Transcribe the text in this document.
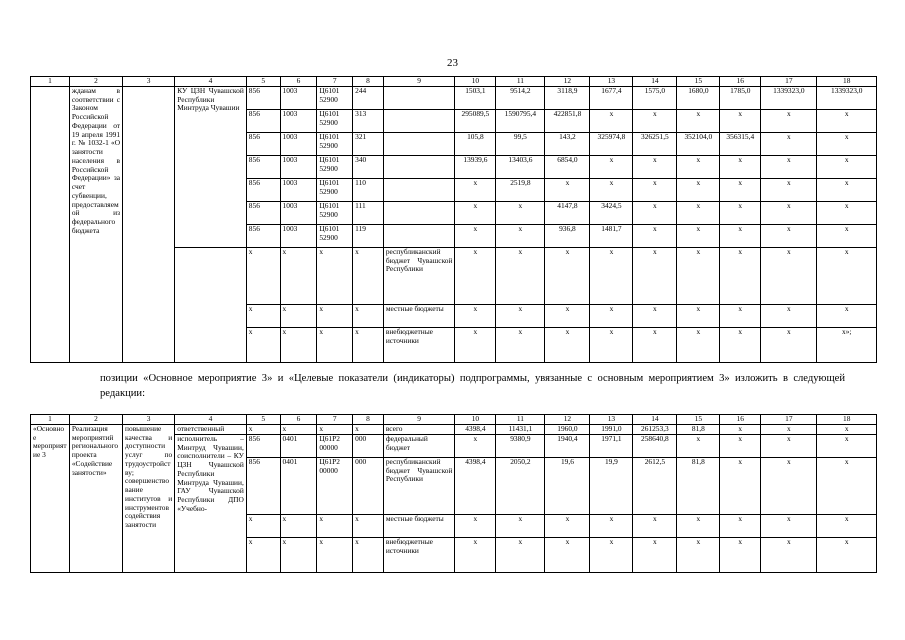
23
1	2	3	4	5	6	7	8	9	10	11	12	13	14	15	16	17	18
	жданам в соответствии с Законом Российской Федерации от 19 апреля 1991 г. № 1032-1 «О занятости населения в Российской Федерации» за счет субвенции, предоставляемой из федерального бюджета		КУ ЦЗН Чувашской Республики Минтруда Чувашии	856	1003	Ц6101 52900	244		1503,1	9514,2	3118,9	1677,4	1575,0	1680,0	1785,0	1339323,0	1339323,0
				856	1003	Ц6101 52900	313		295089,5	1590795,4	422851,8	x	x	x	x	x	x
				856	1003	Ц6101 52900	321		105,8	99,5	143,2	325974,8	326251,5	352104,0	356315,4	x	x
				856	1003	Ц6101 52900	340		13939,6	13403,6	6854,0	x	x	x	x	x	x
				856	1003	Ц6101 52900	110		x	2519,8	x	x	x	x	x	x	x
				856	1003	Ц6101 52900	111		x	x	4147,8	3424,5	x	x	x	x	x
				856	1003	Ц6101 52900	119		x	x	936,8	1481,7	x	x	x	x	x
				x	x	x	x	республиканский бюджет Чувашской Республики	x	x	x	x	x	x	x	x	x
				x	x	x	x	местные бюджеты	x	x	x	x	x	x	x	x	x
				x	x	x	x	внебюджетные источники	x	x	x	x	x	x	x	x	x»;
позиции «Основное мероприятие 3» и «Целевые показатели (индикаторы) подпрограммы, увязанные с основным мероприятием 3» изложить в следующей редакции:
1	2	3	4	5	6	7	8	9	10	11	12	13	14	15	16	17	18
«Основное мероприятие 3	Реализация мероприятий регионального проекта «Содействие занятости»	повышение качества и доступности услуг по трудоустройству; совершенствование институтов и инструментов содействия занятости	ответственный	x	x	x	x	всего	4398,4	11431,1	1960,0	1991,0	261253,3	81,8	x	x	x
			исполнитель – Минтруд Чувашии, соисполнители – КУ ЦЗН Чувашской Республики Минтруда Чувашии, ГАУ Чувашской Республики ДПО «Учебно-	856	0401	Ц61Р2 00000	000	федеральный бюджет	x	9380,9	1940,4	1971,1	258640,8	x	x	x	x
				856	0401	Ц61Р2 00000	000	республиканский бюджет Чувашской Республики	4398,4	2050,2	19,6	19,9	2612,5	81,8	x	x	x
				x	x	x	x	местные бюджеты	x	x	x	x	x	x	x	x	x
				x	x	x	x	внебюджетные источники	x	x	x	x	x	x	x	x	x
